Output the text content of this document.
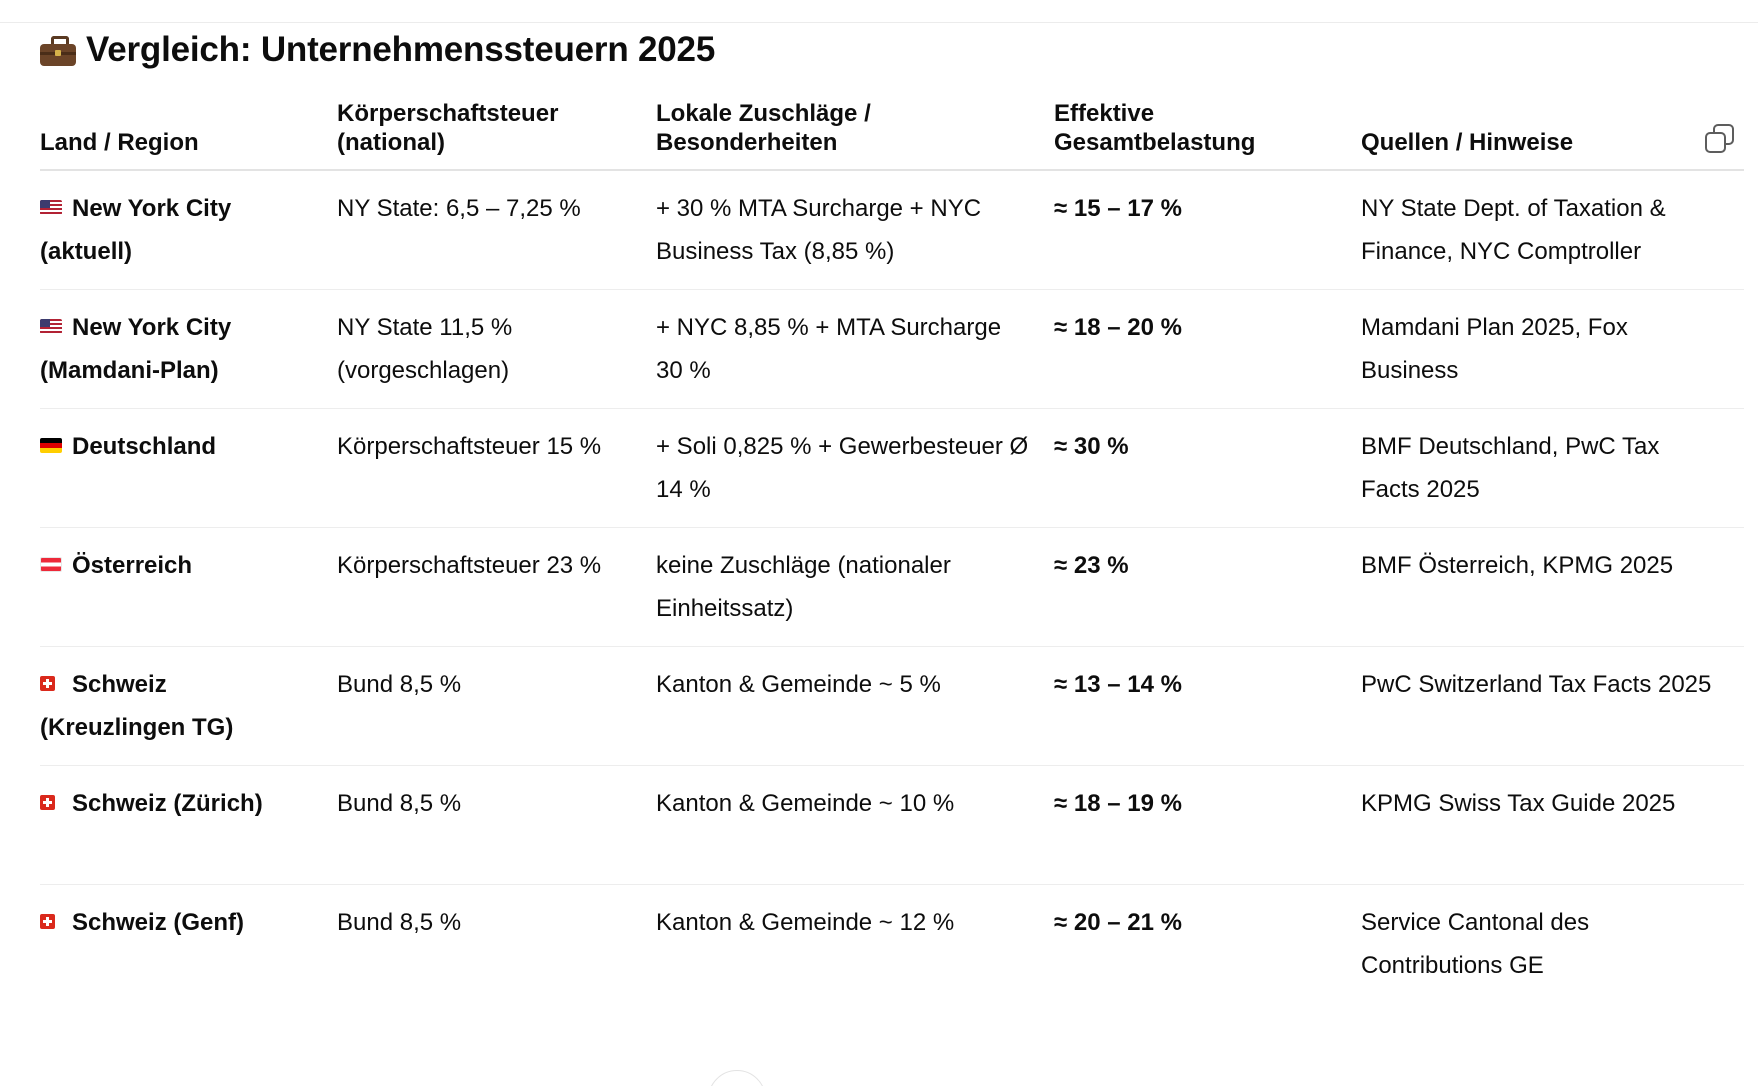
Vergleich: Unternehmenssteuern 2025
Land / Region	Körperschaftsteuer (national)	Lokale Zuschläge / Besonderheiten	Effektive Gesamtbelastung	Quellen / Hinweise
New York City (aktuell)	NY State: 6,5 – 7,25 %	+ 30 % MTA Surcharge + NYC Business Tax (8,85 %)	≈ 15 – 17 %	NY State Dept. of Taxation & Finance, NYC Comptroller
New York City (Mamdani-Plan)	NY State 11,5 % (vorgeschlagen)	+ NYC 8,85 % + MTA Surcharge 30 %	≈ 18 – 20 %	Mamdani Plan 2025, Fox Business
Deutschland	Körperschaftsteuer 15 %	+ Soli 0,825 % + Gewerbesteuer Ø 14 %	≈ 30 %	BMF Deutschland, PwC Tax Facts 2025
Österreich	Körperschaftsteuer 23 %	keine Zuschläge (nationaler Einheitssatz)	≈ 23 %	BMF Österreich, KPMG 2025
Schweiz (Kreuzlingen TG)	Bund 8,5 %	Kanton & Gemeinde ~ 5 %	≈ 13 – 14 %	PwC Switzerland Tax Facts 2025
Schweiz (Zürich)	Bund 8,5 %	Kanton & Gemeinde ~ 10 %	≈ 18 – 19 %	KPMG Swiss Tax Guide 2025
Schweiz (Genf)	Bund 8,5 %	Kanton & Gemeinde ~ 12 %	≈ 20 – 21 %	Service Cantonal des Contributions GE
